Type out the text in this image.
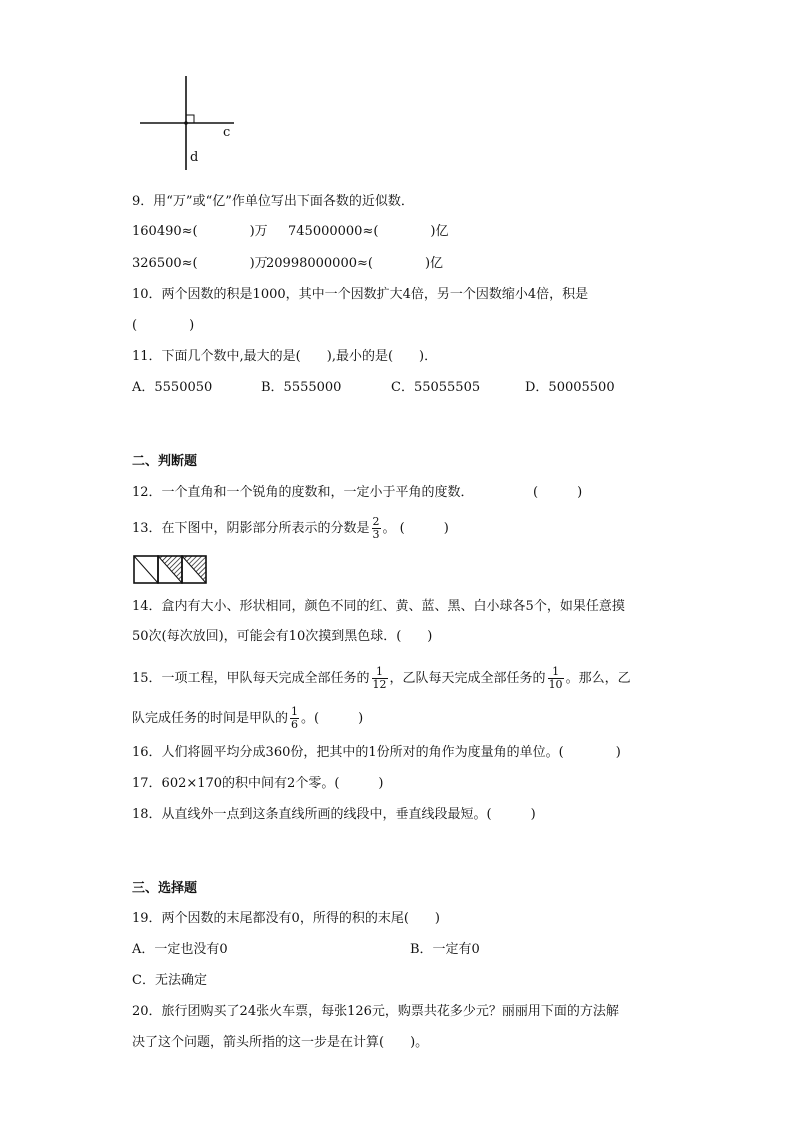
c
d
9．用“万”或“亿”作单位写出下面各数的近似数．
160490≈(　　　　)万 745000000≈(　　　　)亿
326500≈(　　　　)万
20998000000≈(　　　　)亿
10．两个因数的积是1000，其中一个因数扩大4倍，另一个因数缩小4倍，积是
(　　　　)
11．下面几个数中,最大的是(　　),最小的是(　　)．
A．5550050	B．5555000	C．55055505	D．50005500
二、判断题
12．一个直角和一个锐角的度数和，一定小于平角的度数．	(　　　)
13．在下图中，阴影部分所表示的分数是 $\frac{2}{3}$ 。 (　　　)
14．盒内有大小、形状相同，颜色不同的红、黄、蓝、黑、白小球各5个，如果任意摸
50次(每次放回)，可能会有10次摸到黑色球．(　　)
15．一项工程，甲队每天完成全部任务的 $\frac{1}{12}$ ，乙队每天完成全部任务的 $\frac{1}{10}$ 。那么，乙
队完成任务的时间是甲队的 $\frac{1}{6}$ 。(　　　)
16．人们将圆平均分成360份，把其中的1份所对的角作为度量角的单位。(　　　　)
17．602×170的积中间有2个零。(　　　)
18．从直线外一点到这条直线所画的线段中，垂直线段最短。(　　　)
三、选择题
19．两个因数的末尾都没有0，所得的积的末尾(　　)
A．一定也没有0	B．一定有0
C．无法确定
20．旅行团购买了24张火车票，每张126元，购票共花多少元？丽丽用下面的方法解
决了这个问题，箭头所指的这一步是在计算(　　)。
